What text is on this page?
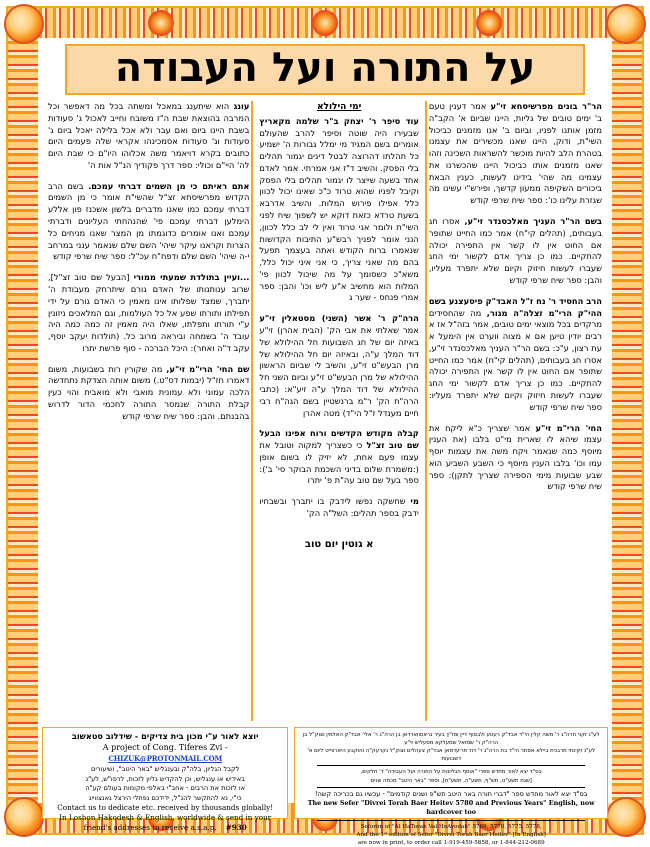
על התורה ועל העבודה

עונג הוא שיתענג במאכל ומשתה בכל מה דאפשר וכל המרבה בהוצאת שבת ה"ז משובח וחייב לאכול ג' סעודות בשבת היינו ביום ואם עבר ולא אכל בלילה יאכל ביום ג' סעודות וג' סעודות אסמכינהו אקראי שלה פעמים היום כתובים בקרא דויאמר משה אכלוהו היו"ם כי שבת היום לה' היי"ם וכולי: ספר דרך פקודיך הנ"ל אות ה'

אתם ראיתם כי מן השמים דברתי עמכם. בשם הרב הקדוש מפרשיסחא זצ"ל שהשי"ת אומר כי מן השמים דברתי עמכם כמו שאנו מדברים בלשון אשכנז פון אללע הימלען דברתי עמכם פי' שהנהחתי העליונים ודברתי עמכם ואנו אומרים כדוגמתו מן המצר שאנו מניחים כל הצרות וקראנו עיקר שיהי' השם שלם שנאמר ענני במרחב י-ה שיהי' השם שלם ודפח"ח עכ"ל: ספר שיח שרפי קודש

...ועיין בתולדת שמעתי ממורי [הבעל שם טוב זצ"ל], שרוב ענותנותו של האדם גורם שיתרחק מעבודת ה' יתברך, שמצד שפלותו אינו מאמין כי האדם גורם על ידי תפילתו ותורתו שפע אל כל העולמות, וגם המלאכים ניזונין ע"י תורתו ותפלתו, שאלו היה מאמין זה כמה כמה היה עובד ה' בשמחה וביראה מרוב כל. (תולדות יעקב יוסף, עקב ד"ה ואחר): היכל הברכה - סוף פרשת יתרו

שם החי' הרי"מ זי"ע, מה שקורין רות בשבועות, משום דאמרו חז"ל (יבמות דס"ט.) משום אותה הצדקת נתחדשה הלכה עמוני ולא עמונית מואבי ולא מואבית והוי כעין קבלת התורה שנמסר התורה לחכמי הדור לדרוש בהבנתם. והבן: ספר שיח שרפי קודש

ימי הילולא

עוד סיפר ר' יצחק ב"ר שלמה מקאריץ שבעירו היה שוטה וסיפר להרב שהעולם אומרים בשם המגיד מי ימלל גבורות ה' ישמיע כל תהלתו דהרוצה לבטל דינים יגמור תהלים בלי הפסק. והשיב ד"ז אני אמרתי. אמר לאדם אחד בשעה שייצר לו יגמור תהלים בלי הפסק וקיבל לפניו שהוא טרוד כ"כ שאינו יכול לכוון כלל אפילו פירוש המלות. והשיב אדרבא בשעת טרדא כזאת דוקא יש לשפוך שיח לפני השי"ת ולומר אני טרוד ואין לי לב כלל לכוון, הנני אומר לפניך רבש"ע התיבות הקדושות שנאמרו ברוח הקודש ואתה בעצמך תפעל בהם מה שאני צריך, כי אני איני יכול כלל, משא"כ כשסומך על מה שיכול לכוון פי' המלות הוא מחשיב א"ע ליש וכו' והבן: ספר אמרי פנחס - שער ג

הרה"ק ר' אשר (השני) מסטאלין זי"ע אמר שאלתי את אבי הק' (הבית אהרן) זי"ע באיזה יום של חג השבועות חל ההילולא של דוד המלך ע"ה, ובאיזה יום חל ההילולא של מרן הבעש"ט זי"ע, והשיב לי שביום הראשון ההילולא של מרן הבעש"ט זי"ע וביום השני חל ההילולא של דוד המלך ע"ה זיע"א: (כתבי הרה"ח הק' ר"מ ברנשטיין בשם הגה"ח רבי חיים מענדל ז"ל הי"ד) מטה אהרן

קבלה מקודש הקדשים ורוח אפינו הבעל שם טוב זצ"ל כי כשצריך למקוה וטובל את עצמו פעם אחת, לא יזיק לו בשום אופן (:משמרת שלום בדיני השכמת הבוקר סי' ב'): ספר בעל שם טוב עה"ת פ' יתרו

מי שחשקה נפשו לידבק בו יתברך ובשבחיו ידבק בספר תהלים: השל"ה הק'

א גוטין יום טוב

הר"ר בונים מפרשיסחא זי"ע אמר דענין טעם ב' ימים טובים של גליות, היינו שביום א' הקב"ה מזמן אותנו לפניו, וביום ב' אנו מזמנים כביכול השי"ת, ודוק, היינו שאנו מכשירים את עצמנו בטהרת הלב להיות מוכשר להשראות השכינה וזהו שאנו מזמנים אותו כביכול היינו שהכשרנו את עצמינו מה שהי' בידינו לעשות, כענין הבאת ביכורים השקיפה ממעון קדשך, ופירש"י עשינו מה שגזרת עלינו כו': ספר שיח שרפי קודש

בשם הר"ר העניך מאלכסנדר זי"ע, אסרו חג בעבותים, (תהלים קי"ח) אמר כמו החייט שתופר אם החוט אין לו קשר אין התפירה יכולה להתקיים. כמו כן צריך אדם לקשור ימי החג שעברו לעשות חיזוק וקיום שלא יתפרד מעליו, והבן: ספר שיח שרפי קודש

הרב החסיד ר' נח ז"ל האבד"ק פיסעצנע בשם ההי"ק הרי"מ זצלה"ה מגור, מה שהחסידים מרקדים בכל מוצאי ימים טובים, אמר בזה"ל אז א רבים יודין טיען אם א מצוה ווערט אין הימעל א עת רצון, ע"כ: בשם הר"ר העניך מאלכסנדר זי"ע, אסרו חג בעבותים, (תהלים קי"ח) אמר כמו החייט שתופר אם החוט אין לו קשר אין התפירה יכולה להתקיים. כמו כן צריך אדם לקשור ימי החג שעברו לעשות חיזוק וקיום שלא יתפרד מעליו: ספר שיח שרפי קודש

החי' הרי"מ זי"ע אמר שצריך כ"א ליקח את עצמו שיהא לו שארית מי"ט בלבו (את הענין מיוסף כמה שנאמר ויקח משה את עצמות יוסף עמו וכו' בלבו הענין מיוסף כי השבע השביע הוא שבע שבועות מימי הספירה שצריך לתקן): ספר שיח שרפי קודש

לע"נ זקני חרה"ג ר' משה קלין הי"ד אבד"ק רעטע ולבסוף דיין ומו"ץ בעיר גראסווארדאן בן הרה"ג ר' אלי' אבד"ק האלמין וצוק"ל בן הרה"ק ר' שמואל שמעלקא מסעליש זי"ע
לע"נ זקינתי תרבנית ביילא אסתר הי"ד בת הרה"ג ר' דוד פריעדמאן אבד"ק צעהלים וצוק"ל נקרעק"ה והוקבע היארצייט ליום א' דשבועות
בס"ד יצא לאור מחדש ספרי "אוסף הגליונות על התורה ועל העבודה" ד' חלקים,
[שנת תשע"ט, תש"ף, תשע"ה, תשע"ח], וספר "באר היטב" מכמה שנים
בס"ד יצא לאור מחדש ספר "דברי תורה באר היטב תש"פ ושנים קודמים" - עכשיו גם בכריכה קשה!
The new Sefer "Divrei Torah Baer Heitev 5780 and Previous Years" English, now hardcover too
Seforim of "Al HaTorah Val HoAvodah" 5769, 5770, 5775, 5778,
And the 1ˢᵗ edition of Sefer "Divrei Torah Baer Heitev" [In English]
are now in print, to order call 1-919-459-5858, or 1-844-212-0689
יוצא לאור ע"י מכון בית צדיקים - שידלוב סטאשוב
A project of Cong. Tiferes Zvi - CHIZUK@PROTONMAIL.COM
לקבל הגליון, בלה"ק ובענגליש "באר היטב", ושיעורים
באידיש או ענגליש, וכן להקדיש גליון לזכות, לרפו"ש, לע"נ
או לזכות את הרבים - אחב"י באלפי מקומות בעולם קע"ה
כי"י, נא להתקשר להנ"ל, ידידכם נפתלי הירצל גאנצווייג
Contact us to dedicate etc. received by thousands globally!
In Loshon Hakodesh & English, worldwide & send in your
friend's addresses to receive a.s.a.p. #930
